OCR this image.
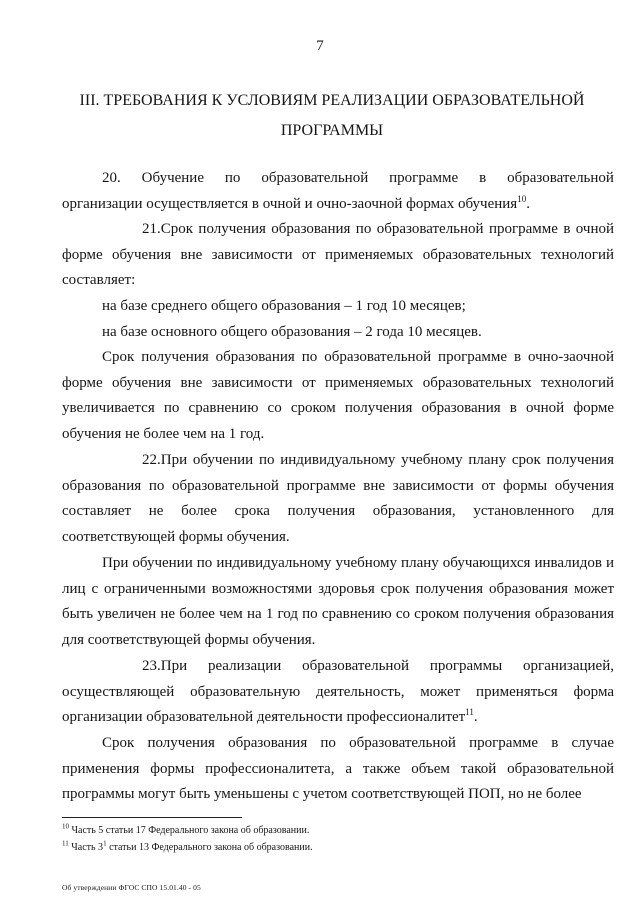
7
III. ТРЕБОВАНИЯ К УСЛОВИЯМ РЕАЛИЗАЦИИ ОБРАЗОВАТЕЛЬНОЙ
ПРОГРАММЫ
20. Обучение по образовательной программе в образовательной

организации осуществляется в очной и очно-заочной формах обучения$^{10}$.

21.Срок получения образования по образовательной программе в очной форме обучения вне зависимости от применяемых образовательных технологий составляет:

на базе среднего общего образования – 1 год 10 месяцев;

на базе основного общего образования – 2 года 10 месяцев.

Срок получения образования по образовательной программе в очно-заочной форме обучения вне зависимости от применяемых образовательных технологий увеличивается по сравнению со сроком получения образования в очной форме обучения не более чем на 1 год.

22.При обучении по индивидуальному учебному плану срок получения образования по образовательной программе вне зависимости от формы обучения составляет не более срока получения образования, установленного для соответствующей формы обучения.

При обучении по индивидуальному учебному плану обучающихся инвалидов и лиц с ограниченными возможностями здоровья срок получения образования может быть увеличен не более чем на 1 год по сравнению со сроком получения образования для соответствующей формы обучения.

23.При реализации образовательной программы организацией, осуществляющей образовательную деятельность, может применяться форма организации образовательной деятельности профессионалитет$^{11}$.

Срок получения образования по образовательной программе в случае применения формы профессионалитета, а также объем такой образовательной программы могут быть уменьшены с учетом соответствующей ПОП, но не более

$^{10}$ Часть 5 статьи 17 Федерального закона об образовании.

$^{11}$ Часть $3^1$ статьи 13 Федерального закона об образовании.

Об утверждении ФГОС СПО 15.01.40 - 05
